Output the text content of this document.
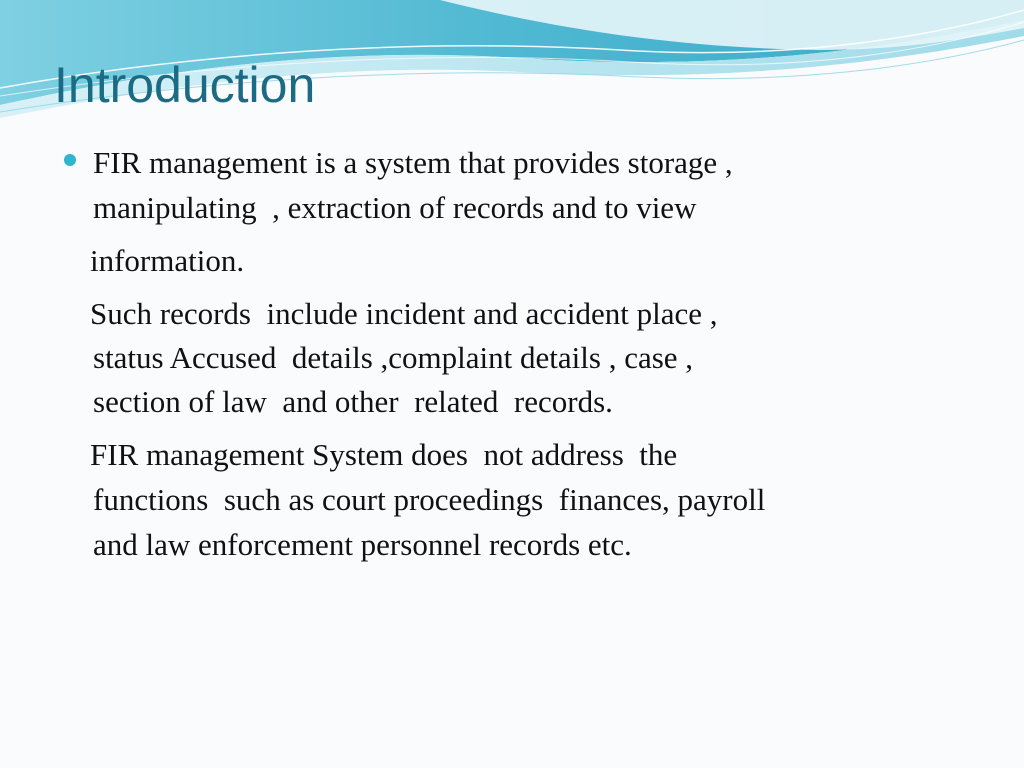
Introduction
FIR management is a system that provides storage ,
manipulating  , extraction of records and to view
information.
Such records  include incident and accident place ,
status Accused  details ,complaint details , case ,
section of law  and other  related  records.
FIR management System does  not address  the
functions  such as court proceedings  finances, payroll
and law enforcement personnel records etc.
